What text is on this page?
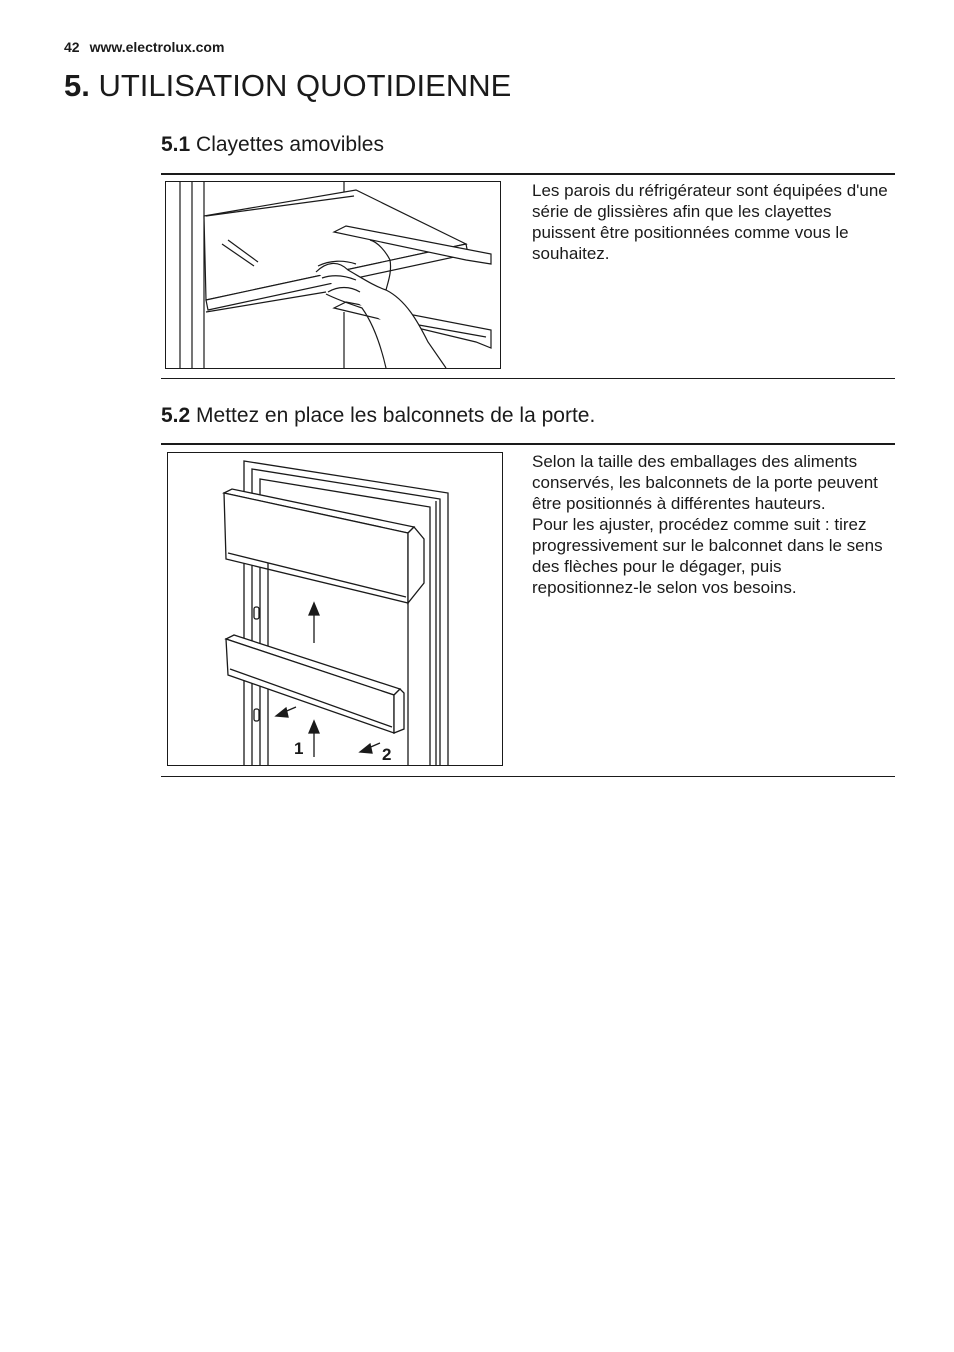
42 www.electrolux.com
5. UTILISATION QUOTIDIENNE
5.1 Clayettes amovibles
Les parois du réfrigérateur sont équipées d'une série de glissières afin que les clayettes puissent être positionnées comme vous le souhaitez.
5.2 Mettez en place les balconnets de la porte.
1	2

Selon la taille des emballages des aliments conservés, les balconnets de la porte peuvent être positionnés à différentes hauteurs.

Pour les ajuster, procédez comme suit : tirez progressivement sur le balconnet dans le sens des flèches pour le dégager, puis repositionnez-le selon vos besoins.
